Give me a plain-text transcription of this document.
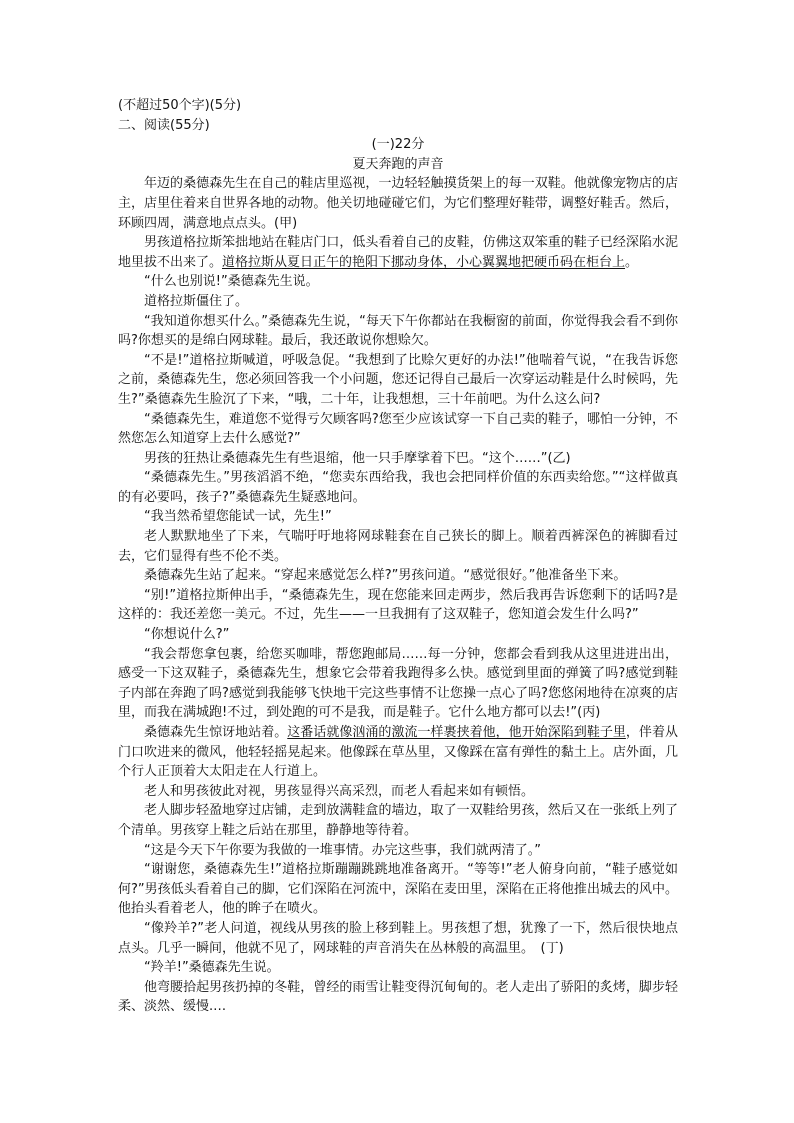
(不超过50个字)(5分)
二、阅读(55分)
(一)22分
夏天奔跑的声音

年迈的桑德森先生在自己的鞋店里巡视，一边轻轻触摸货架上的每一双鞋。他就像宠物店的店主，店里住着来自世界各地的动物。他关切地碰碰它们，为它们整理好鞋带，调整好鞋舌。然后，环顾四周，满意地点点头。(甲)

男孩道格拉斯笨拙地站在鞋店门口，低头看着自己的皮鞋，仿佛这双笨重的鞋子已经深陷水泥地里拔不出来了。道格拉斯从夏日正午的艳阳下挪动身体，小心翼翼地把硬币码在柜台上。

“什么也别说!”桑德森先生说。

道格拉斯僵住了。

“我知道你想买什么。”桑德森先生说，“每天下午你都站在我橱窗的前面，你觉得我会看不到你吗?你想买的是绵白网球鞋。最后，我还敢说你想赊欠。

“不是!”道格拉斯喊道，呼吸急促。“我想到了比赊欠更好的办法!”他喘着气说，“在我告诉您之前，桑德森先生，您必须回答我一个小问题，您还记得自己最后一次穿运动鞋是什么时候吗，先生?”桑德森先生脸沉了下来，“哦，二十年，让我想想，三十年前吧。为什么这么问?

“桑德森先生，难道您不觉得亏欠顾客吗?您至少应该试穿一下自己卖的鞋子，哪怕一分钟，不然您怎么知道穿上去什么感觉?”

男孩的狂热让桑德森先生有些退缩，他一只手摩挲着下巴。“这个……”(乙)

“桑德森先生。”男孩滔滔不绝，“您卖东西给我，我也会把同样价值的东西卖给您。”“这样做真的有必要吗，孩子?”桑德森先生疑惑地问。

“我当然希望您能试一试，先生!”

老人默默地坐了下来，气喘吁吁地将网球鞋套在自己狭长的脚上。顺着西裤深色的裤脚看过去，它们显得有些不伦不类。

桑德森先生站了起来。“穿起来感觉怎么样?”男孩问道。“感觉很好。”他准备坐下来。

“别!”道格拉斯伸出手，“桑德森先生，现在您能来回走两步，然后我再告诉您剩下的话吗?是这样的：我还差您一美元。不过，先生——一旦我拥有了这双鞋子，您知道会发生什么吗?”

“你想说什么?”

“我会帮您拿包裹，给您买咖啡，帮您跑邮局……每一分钟，您都会看到我从这里进进出出，感受一下这双鞋子，桑德森先生，想象它会带着我跑得多么快。感觉到里面的弹簧了吗?感觉到鞋子内部在奔跑了吗?感觉到我能够飞快地干完这些事情不让您操一点心了吗?您悠闲地待在凉爽的店里，而我在满城跑!不过，到处跑的可不是我，而是鞋子。它什么地方都可以去!”(丙)

桑德森先生惊讶地站着。这番话就像汹涌的激流一样裹挟着他，他开始深陷到鞋子里，伴着从门口吹进来的微风，他轻轻摇晃起来。他像踩在草丛里，又像踩在富有弹性的黏土上。店外面，几个行人正顶着大太阳走在人行道上。

老人和男孩彼此对视，男孩显得兴高采烈，而老人看起来如有顿悟。

老人脚步轻盈地穿过店铺，走到放满鞋盒的墙边，取了一双鞋给男孩，然后又在一张纸上列了个清单。男孩穿上鞋之后站在那里，静静地等待着。

“这是今天下午你要为我做的一堆事情。办完这些事，我们就两清了。”

“谢谢您，桑德森先生!”道格拉斯蹦蹦跳跳地准备离开。“等等!”老人俯身向前，“鞋子感觉如何?”男孩低头看着自己的脚，它们深陷在河流中，深陷在麦田里，深陷在正将他推出城去的风中。他抬头看着老人，他的眸子在喷火。

“像羚羊?”老人问道，视线从男孩的脸上移到鞋上。男孩想了想，犹豫了一下，然后很快地点点头。几乎一瞬间，他就不见了，网球鞋的声音消失在丛林般的高温里。　(丁)

“羚羊!”桑德森先生说。

他弯腰拾起男孩扔掉的冬鞋，曾经的雨雪让鞋变得沉甸甸的。老人走出了骄阳的炙烤，脚步轻柔、淡然、缓慢.…
